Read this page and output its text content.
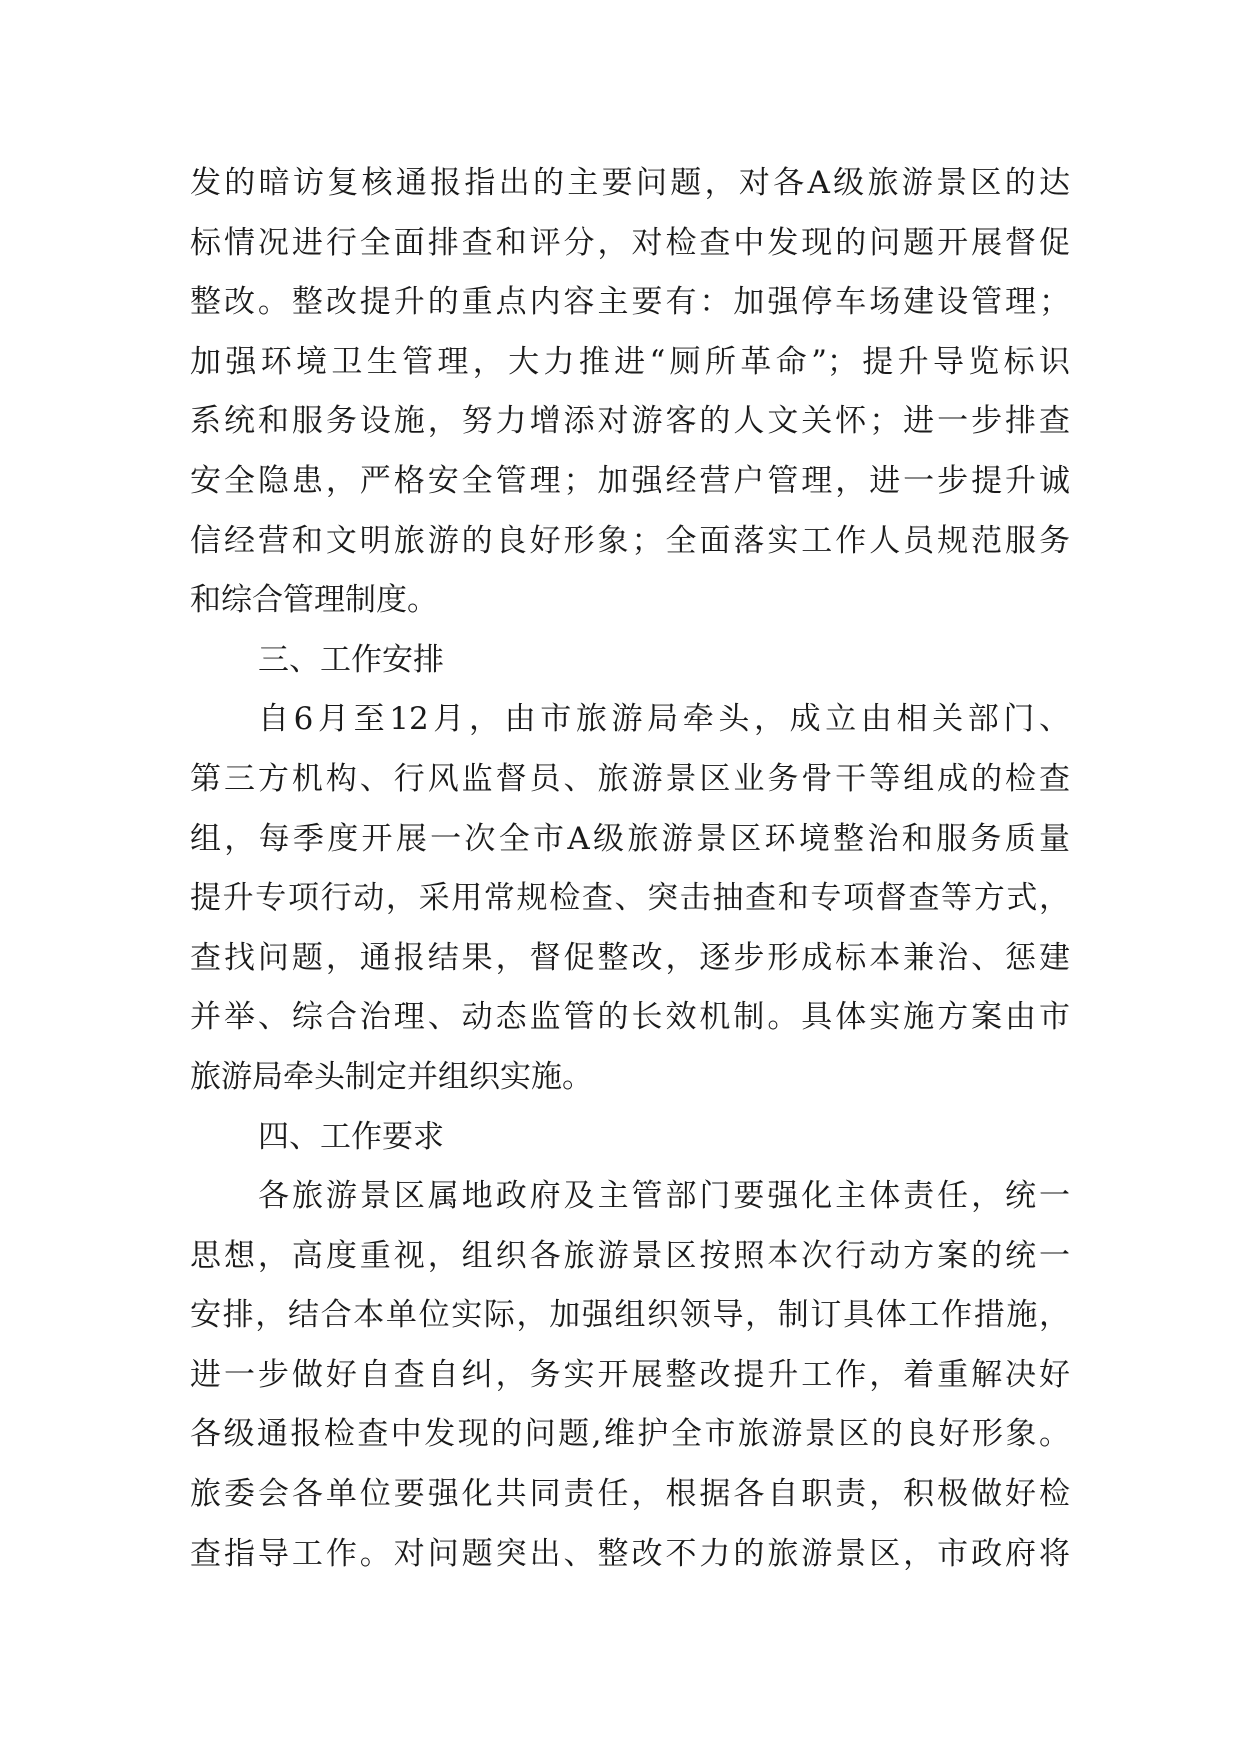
发的暗访复核通报指出的主要问题，对各A级旅游景区的达
标情况进行全面排查和评分，对检查中发现的问题开展督促
整改。整改提升的重点内容主要有：加强停车场建设管理；
加强环境卫生管理，大力推进“厕所革命”；提升导览标识
系统和服务设施，努力增添对游客的人文关怀；进一步排查
安全隐患，严格安全管理；加强经营户管理，进一步提升诚
信经营和文明旅游的良好形象；全面落实工作人员规范服务
和综合管理制度。
三、工作安排
自6月至12月，由市旅游局牵头，成立由相关部门、
第三方机构、行风监督员、旅游景区业务骨干等组成的检查
组，每季度开展一次全市A级旅游景区环境整治和服务质量
提升专项行动，采用常规检查、突击抽查和专项督查等方式，
查找问题，通报结果，督促整改，逐步形成标本兼治、惩建
并举、综合治理、动态监管的长效机制。具体实施方案由市
旅游局牵头制定并组织实施。
四、工作要求
各旅游景区属地政府及主管部门要强化主体责任，统一
思想，高度重视，组织各旅游景区按照本次行动方案的统一
安排，结合本单位实际，加强组织领导，制订具体工作措施，
进一步做好自查自纠，务实开展整改提升工作，着重解决好
各级通报检查中发现的问题,维护全市旅游景区的良好形象。
旅委会各单位要强化共同责任，根据各自职责，积极做好检
查指导工作。对问题突出、整改不力的旅游景区，市政府将
